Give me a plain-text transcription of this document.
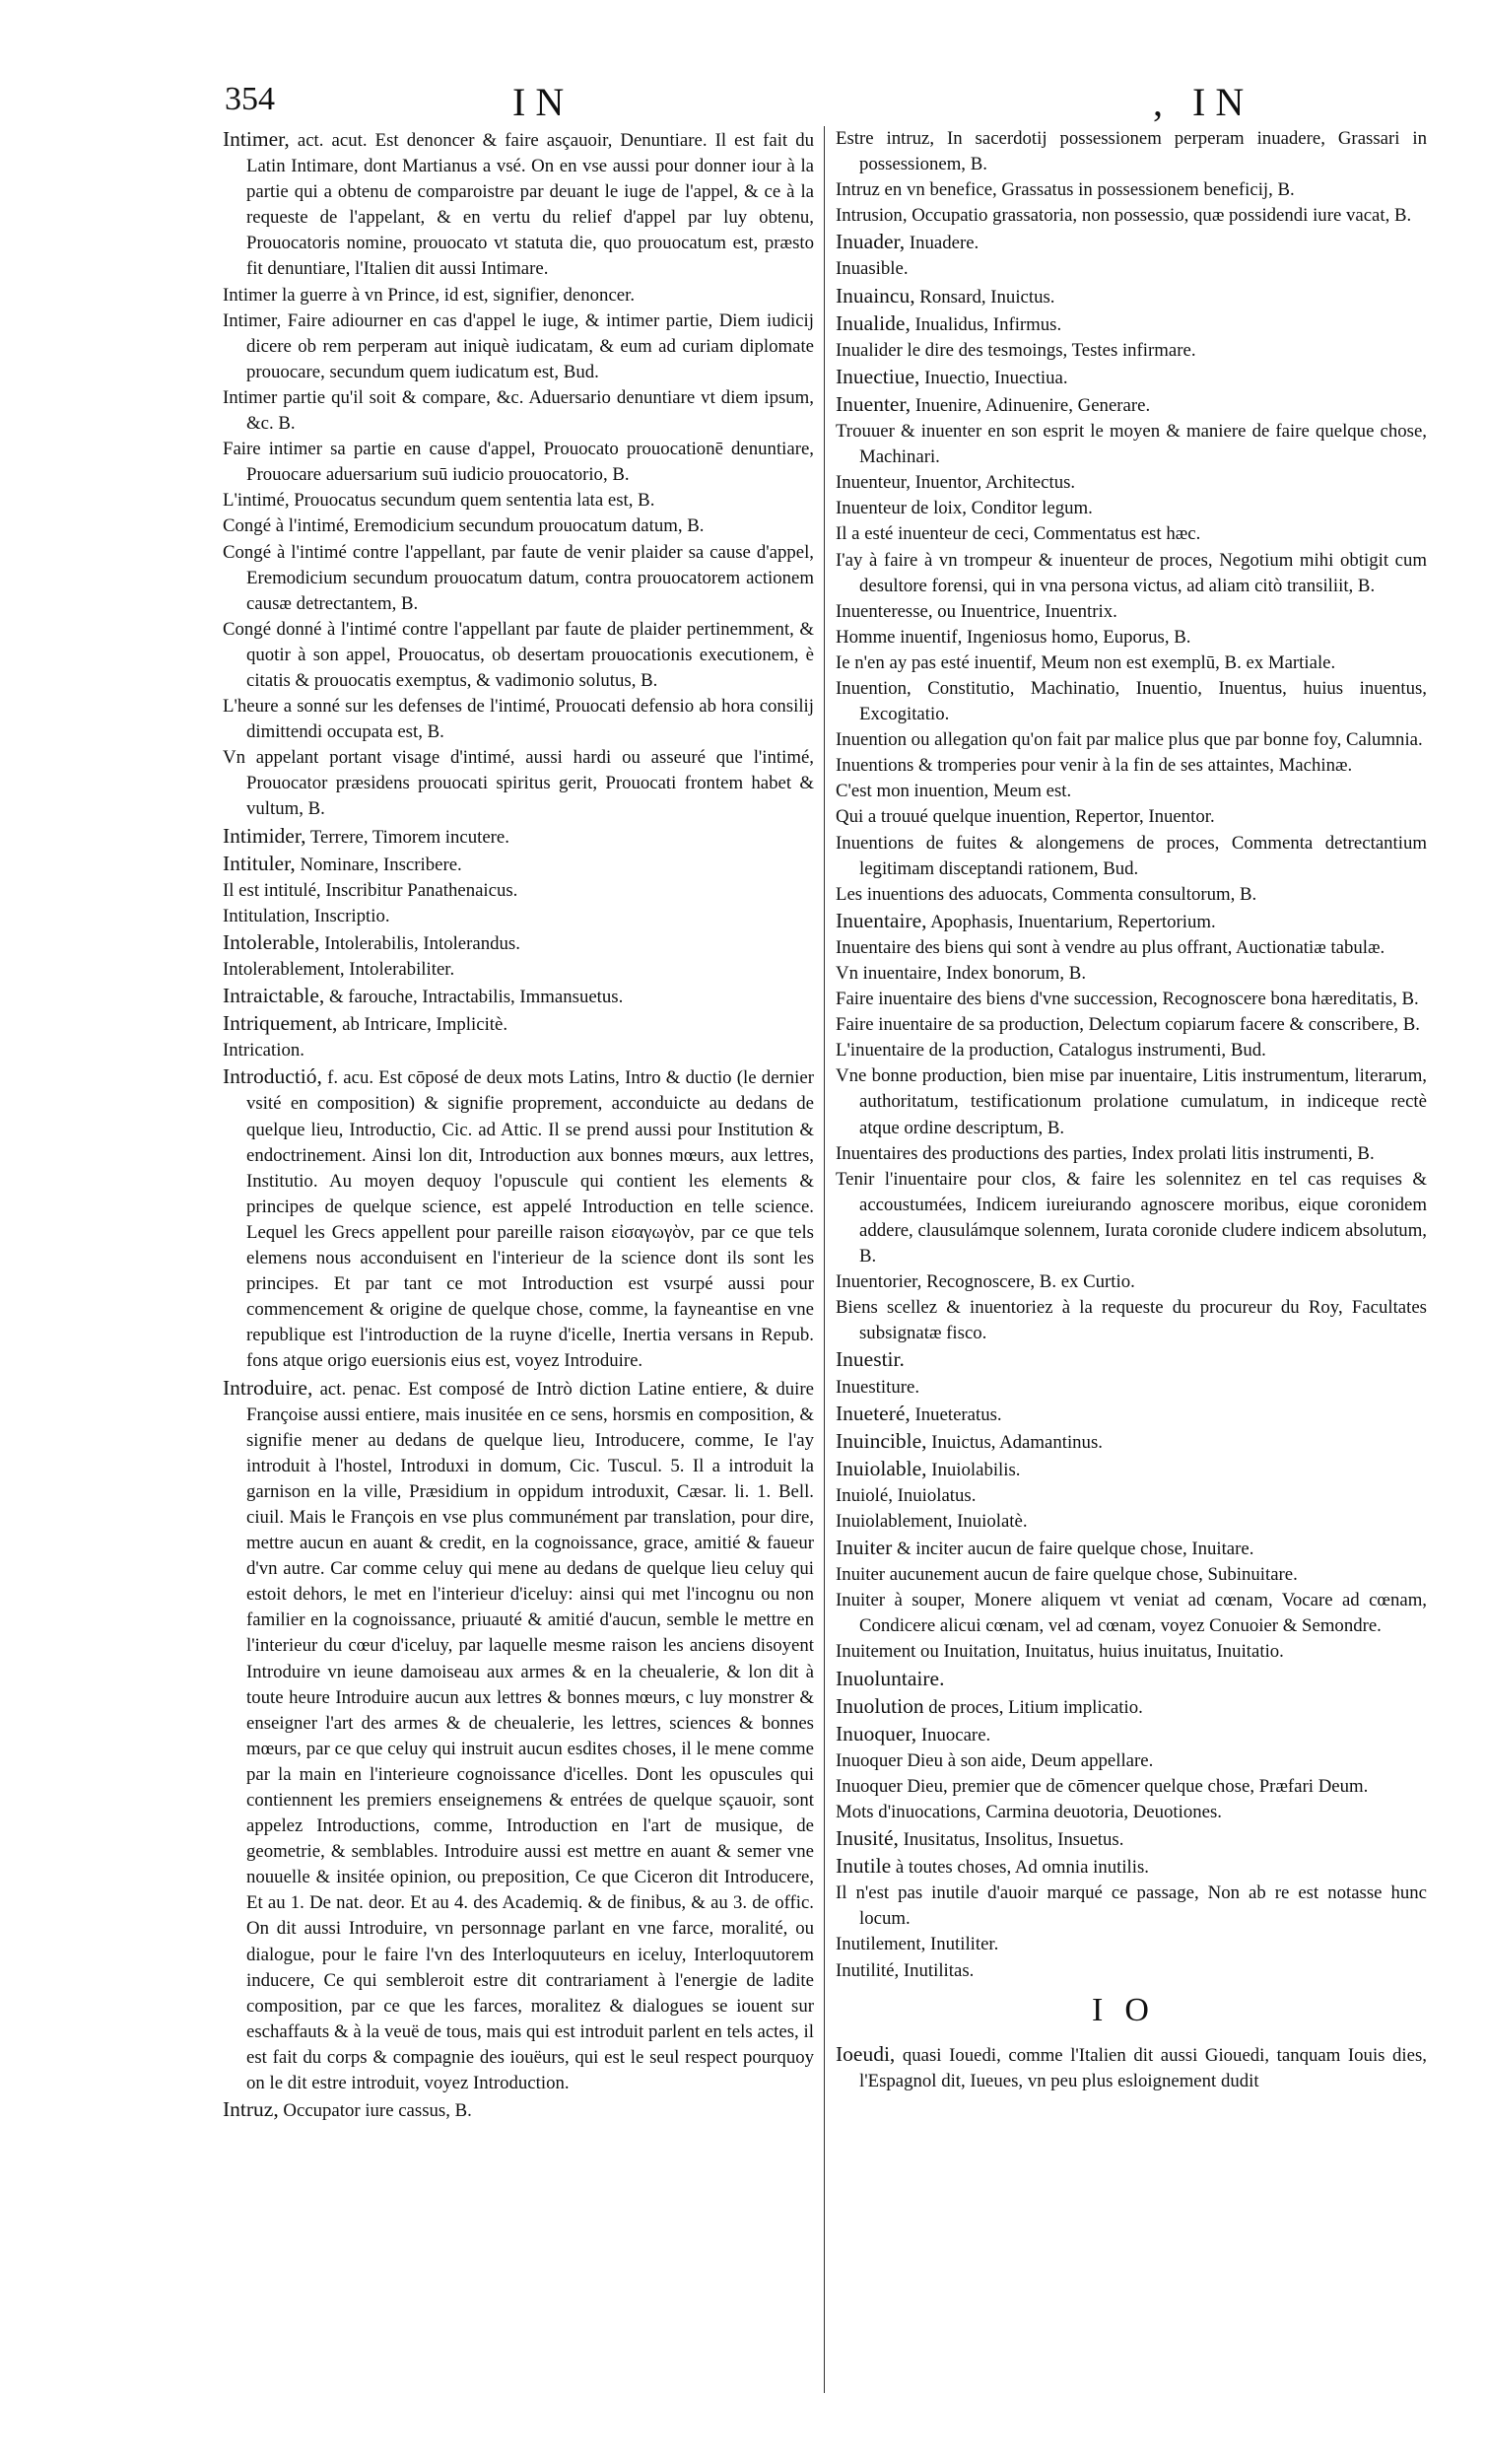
354	IN	, IN

Intimer, act. acut. Est denoncer & faire asçauoir, Denuntiare. Il est fait du Latin Intimare, dont Martianus a vsé. On en vse aussi pour donner iour à la partie qui a obtenu de comparoistre par deuant le iuge de l'appel, & ce à la requeste de l'appelant, & en vertu du relief d'appel par luy obtenu, Prouocatoris nomine, prouocato vt statuta die, quo prouocatum est, præsto fit denuntiare, l'Italien dit aussi Intimare.

Intimer la guerre à vn Prince, id est, signifier, denoncer.

Intimer, Faire adiourner en cas d'appel le iuge, & intimer partie, Diem iudicij dicere ob rem perperam aut iniquè iudicatam, & eum ad curiam diplomate prouocare, secundum quem iudicatum est, Bud.

Intimer partie qu'il soit & compare, &c. Aduersario denuntiare vt diem ipsum, &c. B.

Faire intimer sa partie en cause d'appel, Prouocato prouocationē denuntiare, Prouocare aduersarium suū iudicio prouocatorio, B.

L'intimé, Prouocatus secundum quem sententia lata est, B.

Congé à l'intimé, Eremodicium secundum prouocatum datum, B.

Congé à l'intimé contre l'appellant, par faute de venir plaider sa cause d'appel, Eremodicium secundum prouocatum datum, contra prouocatorem actionem causæ detrectantem, B.

Congé donné à l'intimé contre l'appellant par faute de plaider pertinemment, & quotir à son appel, Prouocatus, ob desertam prouocationis executionem, è citatis & prouocatis exemptus, & vadimonio solutus, B.

L'heure a sonné sur les defenses de l'intimé, Prouocati defensio ab hora consilij dimittendi occupata est, B.

Vn appelant portant visage d'intimé, aussi hardi ou asseuré que l'intimé, Prouocator præsidens prouocati spiritus gerit, Prouocati frontem habet & vultum, B.

Intimider, Terrere, Timorem incutere.

Intituler, Nominare, Inscribere.

Il est intitulé, Inscribitur Panathenaicus.

Intitulation, Inscriptio.

Intolerable, Intolerabilis, Intolerandus.

Intolerablement, Intolerabiliter.

Intraictable, & farouche, Intractabilis, Immansuetus.

Intriquement, ab Intricare, Implicitè.

Intrication.

Introductió, f. acu. Est cōposé de deux mots Latins, Intro & ductio (le dernier vsité en composition) & signifie proprement, acconduicte au dedans de quelque lieu, Introductio, Cic. ad Attic. Il se prend aussi pour Institution & endoctrinement. Ainsi lon dit, Introduction aux bonnes mœurs, aux lettres, Institutio. Au moyen dequoy l'opuscule qui contient les elements & principes de quelque science, est appelé Introduction en telle science. Lequel les Grecs appellent pour pareille raison εἰσαγωγὸν, par ce que tels elemens nous acconduisent en l'interieur de la science dont ils sont les principes. Et par tant ce mot Introduction est vsurpé aussi pour commencement & origine de quelque chose, comme, la fayneantise en vne republique est l'introduction de la ruyne d'icelle, Inertia versans in Repub. fons atque origo euersionis eius est, voyez Introduire.

Introduire, act. penac. Est composé de Intrò diction Latine entiere, & duire Françoise aussi entiere, mais inusitée en ce sens, horsmis en composition, & signifie mener au dedans de quelque lieu, Introducere, comme, Ie l'ay introduit à l'hostel, Introduxi in domum, Cic. Tuscul. 5. Il a introduit la garnison en la ville, Præsidium in oppidum introduxit, Cæsar. li. 1. Bell. ciuil. Mais le François en vse plus communément par translation, pour dire, mettre aucun en auant & credit, en la cognoissance, grace, amitié & faueur d'vn autre. Car comme celuy qui mene au dedans de quelque lieu celuy qui estoit dehors, le met en l'interieur d'iceluy: ainsi qui met l'incognu ou non familier en la cognoissance, priuauté & amitié d'aucun, semble le mettre en l'interieur du cœur d'iceluy, par laquelle mesme raison les anciens disoyent Introduire vn ieune damoiseau aux armes & en la cheualerie, & lon dit à toute heure Introduire aucun aux lettres & bonnes mœurs, c luy monstrer & enseigner l'art des armes & de cheualerie, les lettres, sciences & bonnes mœurs, par ce que celuy qui instruit aucun esdites choses, il le mene comme par la main en l'interieure cognoissance d'icelles. Dont les opuscules qui contiennent les premiers enseignemens & entrées de quelque sçauoir, sont appelez Introductions, comme, Introduction en l'art de musique, de geometrie, & semblables. Introduire aussi est mettre en auant & semer vne nouuelle & insitée opinion, ou preposition, Ce que Ciceron dit Introducere, Et au 1. De nat. deor. Et au 4. des Academiq. & de finibus, & au 3. de offic. On dit aussi Introduire, vn personnage parlant en vne farce, moralité, ou dialogue, pour le faire l'vn des Interloquuteurs en iceluy, Interloquutorem inducere, Ce qui sembleroit estre dit contrariament à l'energie de ladite composition, par ce que les farces, moralitez & dialogues se iouent sur eschaffauts & à la veuë de tous, mais qui est introduit parlent en tels actes, il est fait du corps & compagnie des iouëurs, qui est le seul respect pourquoy on le dit estre introduit, voyez Introduction.

Intruz, Occupator iure cassus, B.

Estre intruz, In sacerdotij possessionem perperam inuadere, Grassari in possessionem, B.

Intruz en vn benefice, Grassatus in possessionem beneficij, B.

Intrusion, Occupatio grassatoria, non possessio, quæ possidendi iure vacat, B.

Inuader, Inuadere.

Inuasible.

Inuaincu, Ronsard, Inuictus.

Inualide, Inualidus, Infirmus.

Inualider le dire des tesmoings, Testes infirmare.

Inuectiue, Inuectio, Inuectiua.

Inuenter, Inuenire, Adinuenire, Generare.

Trouuer & inuenter en son esprit le moyen & maniere de faire quelque chose, Machinari.

Inuenteur, Inuentor, Architectus.

Inuenteur de loix, Conditor legum.

Il a esté inuenteur de ceci, Commentatus est hæc.

I'ay à faire à vn trompeur & inuenteur de proces, Negotium mihi obtigit cum desultore forensi, qui in vna persona victus, ad aliam citò transiliit, B.

Inuenteresse, ou Inuentrice, Inuentrix.

Homme inuentif, Ingeniosus homo, Euporus, B.

Ie n'en ay pas esté inuentif, Meum non est exemplū, B. ex Martiale.

Inuention, Constitutio, Machinatio, Inuentio, Inuentus, huius inuentus, Excogitatio.

Inuention ou allegation qu'on fait par malice plus que par bonne foy, Calumnia.

Inuentions & tromperies pour venir à la fin de ses attaintes, Machinæ.

C'est mon inuention, Meum est.

Qui a trouué quelque inuention, Repertor, Inuentor.

Inuentions de fuites & alongemens de proces, Commenta detrectantium legitimam disceptandi rationem, Bud.

Les inuentions des aduocats, Commenta consultorum, B.

Inuentaire, Apophasis, Inuentarium, Repertorium.

Inuentaire des biens qui sont à vendre au plus offrant, Auctionatiæ tabulæ.

Vn inuentaire, Index bonorum, B.

Faire inuentaire des biens d'vne succession, Recognoscere bona hæreditatis, B.

Faire inuentaire de sa production, Delectum copiarum facere & conscribere, B.

L'inuentaire de la production, Catalogus instrumenti, Bud.

Vne bonne production, bien mise par inuentaire, Litis instrumentum, literarum, authoritatum, testificationum prolatione cumulatum, in indiceque rectè atque ordine descriptum, B.

Inuentaires des productions des parties, Index prolati litis instrumenti, B.

Tenir l'inuentaire pour clos, & faire les solennitez en tel cas requises & accoustumées, Indicem iureiurando agnoscere moribus, eique coronidem addere, clausulámque solennem, Iurata coronide cludere indicem absolutum, B.

Inuentorier, Recognoscere, B. ex Curtio.

Biens scellez & inuentoriez à la requeste du procureur du Roy, Facultates subsignatæ fisco.

Inuestir.

Inuestiture.

Inueteré, Inueteratus.

Inuincible, Inuictus, Adamantinus.

Inuiolable, Inuiolabilis.

Inuiolé, Inuiolatus.

Inuiolablement, Inuiolatè.

Inuiter & inciter aucun de faire quelque chose, Inuitare.

Inuiter aucunement aucun de faire quelque chose, Subinuitare.

Inuiter à souper, Monere aliquem vt veniat ad cœnam, Vocare ad cœnam, Condicere alicui cœnam, vel ad cœnam, voyez Conuoier & Semondre.

Inuitement ou Inuitation, Inuitatus, huius inuitatus, Inuitatio.

Inuoluntaire.

Inuolution de proces, Litium implicatio.

Inuoquer, Inuocare.

Inuoquer Dieu à son aide, Deum appellare.

Inuoquer Dieu, premier que de cōmencer quelque chose, Præfari Deum.

Mots d'inuocations, Carmina deuotoria, Deuotiones.

Inusité, Inusitatus, Insolitus, Insuetus.

Inutile à toutes choses, Ad omnia inutilis.

Il n'est pas inutile d'auoir marqué ce passage, Non ab re est notasse hunc locum.

Inutilement, Inutiliter.

Inutilité, Inutilitas.

IO

Ioeudi, quasi Iouedi, comme l'Italien dit aussi Giouedi, tanquam Iouis dies, l'Espagnol dit, Iueues, vn peu plus esloignement dudit
